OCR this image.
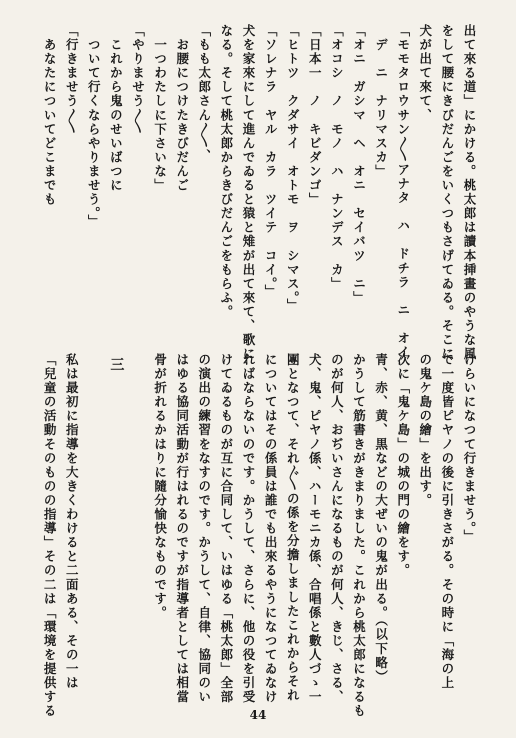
出て來る道」にかける。桃太郎は讀本挿畫のやうな風
をして腰にきびだんごをいくつもさげてゐる。そこに
犬が出て來て、
「モモタロウサン〱アナタ　ハ　ドチラ　ニ　オイ
　デ　ニ　ナリマスカ」
「オニ　ガシマ　ヘ　オニ　セイバツ　ニ」
「オコシ　ノ　モノ　ハ　ナンデス　カ」
「日本一　ノ　キビダンゴ」
「ヒトツ　クダサイ　オトモ　ヲ　シマス。」
「ソレナラ　ヤル　カラ　ツイテ　コイ。」
犬を家來にして進んでゐると猿と雉が出て來て、歌に
なる。そして桃太郎からきびだんごをもらふ。
「もも太郎さん〱、
　お腰につけたきびだんご
　一つわたしに下さいな」
「やりませう〱
　これから鬼のせいばつに
　ついて行くならやりませう。」
「行きませう〱
　あなたについてどこまでも
けらいになつて行きませう。」
で一度皆ピヤノの後に引きさがる。その時に「海の上
の鬼ケ島の繪」を出す。
次に「鬼ケ島」の城の門の繪をす。
青、赤、黄、黒などの大ぜいの鬼が出る。（以下略）
かうして筋書きがきまりました。これから桃太郎になるも
のが何人、おぢいさんになるものが何人、きじ、さる、
犬、鬼、ピヤノ係、ハーモニカ係、合唱係と數人づゝ一
團となつて、それ〲の係を分擔しましたこれからそれ
についてはその係員は誰でも出來るやうになつてゐなけ
ればならないのです。かうして、さらに、他の役を引受
けてゐるものが互に合同して、いはゆる「桃太郎」全部
の演出の練習をなすのです。かうして、自律、協同のい
はゆる協同活動が行はれるのですが指導者としては相當
骨が折れるかはりに隨分愉快なものです。
三
私は最初に指導を大きくわけると二面ある、その一は
「兒童の活動そのものの指導」その二は「環境を提供する	44
